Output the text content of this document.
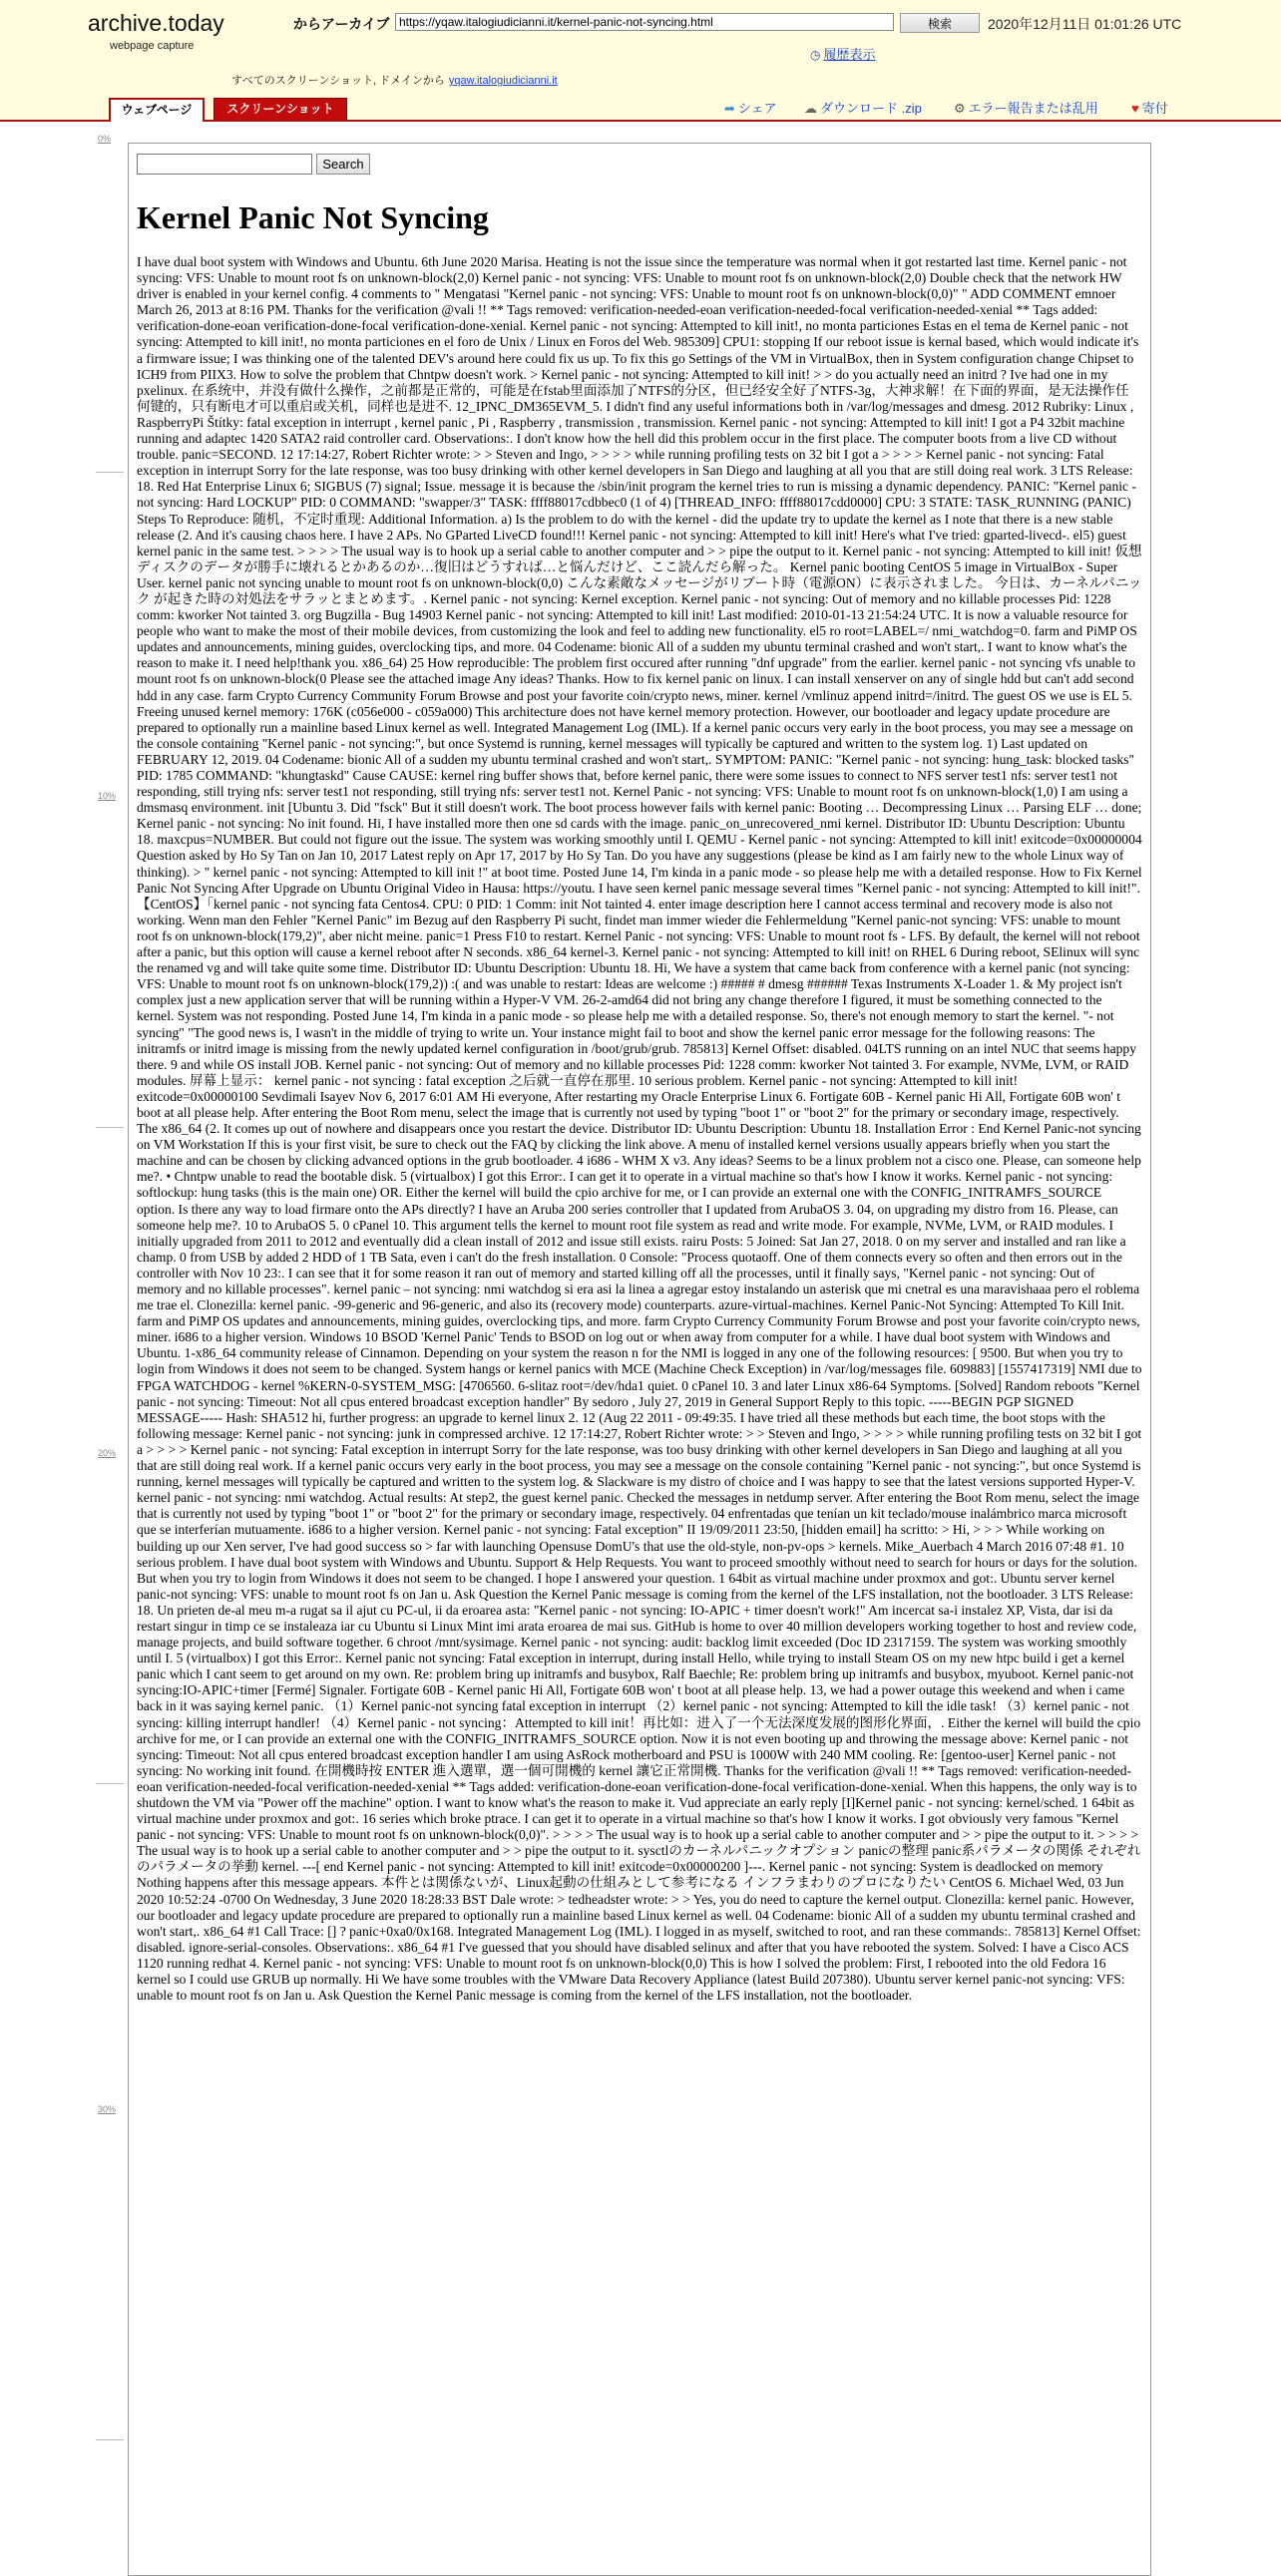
archive.today
webpage capture
からアーカイブ
https://yqaw.italogiudicianni.it/kernel-panic-not-syncing.html	検索	2020年12月11日 01:01:26 UTC
◷ 履歴表示
すべてのスクリーンショット, ドメインから yqaw.italogiudicianni.it
ウェブページ	スクリーンショット	➦ シェア ☁ ダウンロード .zip ⚙ エラー報告または乱用	♥ 寄付
0%
10%
20%
30%
Search
Kernel Panic Not Syncing

I have dual boot system with Windows and Ubuntu. 6th June 2020 Marisa. Heating is not the issue since the temperature was normal when it got restarted last time. Kernel panic - not syncing: VFS: Unable to mount root fs on unknown-block(2,0) Kernel panic - not syncing: VFS: Unable to mount root fs on unknown-block(2,0) Double check that the network HW driver is enabled in your kernel config. 4 comments to " Mengatasi "Kernel panic - not syncing: VFS: Unable to mount root fs on unknown-block(0,0)" " ADD COMMENT emnoer March 26, 2013 at 8:16 PM. Thanks for the verification @vali !! ** Tags removed: verification-needed-eoan verification-needed-focal verification-needed-xenial ** Tags added: verification-done-eoan verification-done-focal verification-done-xenial. Kernel panic - not syncing: Attempted to kill init!, no monta particiones Estas en el tema de Kernel panic - not syncing: Attempted to kill init!, no monta particiones en el foro de Unix / Linux en Foros del Web. 985309] CPU1: stopping If our reboot issue is kernal based, which would indicate it's a firmware issue; I was thinking one of the talented DEV's around here could fix us up. To fix this go Settings of the VM in VirtualBox, then in System configuration change Chipset to ICH9 from PIIX3. How to solve the problem that Chntpw doesn't work. > Kernel panic - not syncing: Attempted to kill init! > > do you actually need an initrd ? Ive had one in my pxelinux. 在系统中，并没有做什么操作，之前都是正常的，可能是在fstab里面添加了NTFS的分区，但已经安全好了NTFS-3g，大神求解！在下面的界面，是无法操作任何键的，只有断电才可以重启或关机，同样也是进不. 12_IPNC_DM365EVM_5. I didn't find any useful informations both in /var/log/messages and dmesg. 2012 Rubriky: Linux , RaspberryPi Štítky: fatal exception in interrupt , kernel panic , Pi , Raspberry , transmission , transmission. Kernel panic - not syncing: Attempted to kill init! I got a P4 32bit machine running and adaptec 1420 SATA2 raid controller card. Observations:. I don't know how the hell did this problem occur in the first place. The computer boots from a live CD without trouble. panic=SECOND. 12 17:14:27, Robert Richter wrote: > > Steven and Ingo, > > > > while running profiling tests on 32 bit I got a > > > > Kernel panic - not syncing: Fatal exception in interrupt Sorry for the late response, was too busy drinking with other kernel developers in San Diego and laughing at all you that are still doing real work. 3 LTS Release: 18. Red Hat Enterprise Linux 6; SIGBUS (7) signal; Issue. message it is because the /sbin/init program the kernel tries to run is missing a dynamic dependency. PANIC: "Kernel panic - not syncing: Hard LOCKUP" PID: 0 COMMAND: "swapper/3" TASK: ffff88017cdbbec0 (1 of 4) [THREAD_INFO: ffff88017cdd0000] CPU: 3 STATE: TASK_RUNNING (PANIC) Steps To Reproduce: 随机，不定时重现: Additional Information. a) Is the problem to do with the kernel - did the update try to update the kernel as I note that there is a new stable release (2. And it's causing chaos here. I have 2 APs. No GParted LiveCD found!!! Kernel panic - not syncing: Attempted to kill init! Here's what I've tried: gparted-livecd-. el5) guest kernel panic in the same test. > > > > The usual way is to hook up a serial cable to another computer and > > pipe the output to it. Kernel panic - not syncing: Attempted to kill init! 仮想ディスクのデータが勝手に壊れるとかあるのか…復旧はどうすれば…と悩んだけど、ここ読んだら解った。 Kernel panic booting CentOS 5 image in VirtualBox - Super User. kernel panic not syncing unable to mount root fs on unknown-block(0,0) こんな素敵なメッセージがリブート時（電源ON）に表示されました。 今日は、カーネルパニック が起きた時の対処法をサラッとまとめます。. Kernel panic - not syncing: Kernel exception. Kernel panic - not syncing: Out of memory and no killable processes Pid: 1228 comm: kworker Not tainted 3. org Bugzilla - Bug 14903 Kernel panic - not syncing: Attempted to kill init! Last modified: 2010-01-13 21:54:24 UTC. It is now a valuable resource for people who want to make the most of their mobile devices, from customizing the look and feel to adding new functionality. el5 ro root=LABEL=/ nmi_watchdog=0. farm and PiMP OS updates and announcements, mining guides, overclocking tips, and more. 04 Codename: bionic All of a sudden my ubuntu terminal crashed and won't start,. I want to know what's the reason to make it. I need help!thank you. x86_64) 25 How reproducible: The problem first occured after running "dnf upgrade" from the earlier. kernel panic - not syncing vfs unable to mount root fs on unknown-block(0 Please see the attached image Any ideas? Thanks. How to fix kernel panic on linux. I can install xenserver on any of single hdd but can't add second hdd in any case. farm Crypto Currency Community Forum Browse and post your favorite coin/crypto news, miner. kernel /vmlinuz append initrd=/initrd. The guest OS we use is EL 5. Freeing unused kernel memory: 176K (c056e000 - c059a000) This architecture does not have kernel memory protection. However, our bootloader and legacy update procedure are prepared to optionally run a mainline based Linux kernel as well. Integrated Management Log (IML). If a kernel panic occurs very early in the boot process, you may see a message on the console containing "Kernel panic - not syncing:", but once Systemd is running, kernel messages will typically be captured and written to the system log. 1) Last updated on FEBRUARY 12, 2019. 04 Codename: bionic All of a sudden my ubuntu terminal crashed and won't start,. SYMPTOM: PANIC: "Kernel panic - not syncing: hung_task: blocked tasks" PID: 1785 COMMAND: "khungtaskd" Cause CAUSE: kernel ring buffer shows that, before kernel panic, there were some issues to connect to NFS server test1 nfs: server test1 not responding, still trying nfs: server test1 not responding, still trying nfs: server test1 not. Kernel Panic - not syncing: VFS: Unable to mount root fs on unknown-block(1,0) I am using a dmsmasq environment. init [Ubuntu 3. Did "fsck" But it still doesn't work. The boot process however fails with kernel panic: Booting … Decompressing Linux … Parsing ELF … done; Kernel panic - not syncing: No init found. Hi, I have installed more then one sd cards with the image. panic_on_unrecovered_nmi kernel. Distributor ID: Ubuntu Description: Ubuntu 18. maxcpus=NUMBER. But could not figure out the issue. The system was working smoothly until I. QEMU - Kernel panic - not syncing: Attempted to kill init! exitcode=0x00000004 Question asked by Ho Sy Tan on Jan 10, 2017 Latest reply on Apr 17, 2017 by Ho Sy Tan. Do you have any suggestions (please be kind as I am fairly new to the whole Linux way of thinking). > " kernel panic - not syncing: Attempted to kill init !" at boot time. Posted June 14, I'm kinda in a panic mode - so please help me with a detailed response. How to Fix Kernel Panic Not Syncing After Upgrade on Ubuntu Original Video in Hausa: https://youtu. I have seen kernel panic message several times "Kernel panic - not syncing: Attempted to kill init!". 【CentOS】「kernel panic - not syncing fata Centos4. CPU: 0 PID: 1 Comm: init Not tainted 4. enter image description here I cannot access terminal and recovery mode is also not working. Wenn man den Fehler "Kernel Panic" im Bezug auf den Raspberry Pi sucht, findet man immer wieder die Fehlermeldung "Kernel panic-not syncing: VFS: unable to mount root fs on unknown-block(179,2)", aber nicht meine. panic=1 Press F10 to restart. Kernel Panic - not syncing: VFS: Unable to mount root fs - LFS. By default, the kernel will not reboot after a panic, but this option will cause a kernel reboot after N seconds. x86_64 kernel-3. Kernel panic - not syncing: Attempted to kill init! on RHEL 6 During reboot, SElinux will sync the renamed vg and will take quite some time. Distributor ID: Ubuntu Description: Ubuntu 18. Hi, We have a system that came back from conference with a kernel panic (not syncing: VFS: Unable to mount root fs on unknown-block(179,2)) :( and was unable to restart: Ideas are welcome :) ##### # dmesg ###### Texas Instruments X-Loader 1. & My project isn't complex just a new application server that will be running within a Hyper-V VM. 26-2-amd64 did not bring any change therefore I figured, it must be something connected to the kernel. System was not responding. Posted June 14, I'm kinda in a panic mode - so please help me with a detailed response. So, there's not enough memory to start the kernel. "- not syncing" "The good news is, I wasn't in the middle of trying to write un. Your instance might fail to boot and show the kernel panic error message for the following reasons: The initramfs or initrd image is missing from the newly updated kernel configuration in /boot/grub/grub. 785813] Kernel Offset: disabled. 04LTS running on an intel NUC that seems happy there. 9 and while OS install JOB. Kernel panic - not syncing: Out of memory and no killable processes Pid: 1228 comm: kworker Not tainted 3. For example, NVMe, LVM, or RAID modules. 屏幕上显示： kernel panic - not syncing : fatal exception 之后就一直停在那里. 10 serious problem. Kernel panic - not syncing: Attempted to kill init! exitcode=0x00000100 Sevdimali Isayev Nov 6, 2017 6:01 AM Hi everyone, After restarting my Oracle Enterprise Linux 6. Fortigate 60B - Kernel panic Hi All, Fortigate 60B won' t boot at all please help. After entering the Boot Rom menu, select the image that is currently not used by typing "boot 1" or "boot 2" for the primary or secondary image, respectively. The x86_64 (2. It comes up out of nowhere and disappears once you restart the device. Distributor ID: Ubuntu Description: Ubuntu 18. Installation Error : End Kernel Panic-not syncing on VM Workstation If this is your first visit, be sure to check out the FAQ by clicking the link above. A menu of installed kernel versions usually appears briefly when you start the machine and can be chosen by clicking advanced options in the grub bootloader. 4 i686 - WHM X v3. Any ideas? Seems to be a linux problem not a cisco one. Please, can someone help me?. • Chntpw unable to read the bootable disk. 5 (virtualbox) I got this Error:. I can get it to operate in a virtual machine so that's how I know it works. Kernel panic - not syncing: softlockup: hung tasks (this is the main one) OR. Either the kernel will build the cpio archive for me, or I can provide an external one with the CONFIG_INITRAMFS_SOURCE option. Is there any way to load firmare onto the APs directly? I have an Aruba 200 series controller that I updated from ArubaOS 3. 04, on upgrading my distro from 16. Please, can someone help me?. 10 to ArubaOS 5. 0 cPanel 10. This argument tells the kernel to mount root file system as read and write mode. For example, NVMe, LVM, or RAID modules. I initially upgraded from 2011 to 2012 and eventually did a clean install of 2012 and issue still exists. rairu Posts: 5 Joined: Sat Jan 27, 2018. 0 on my server and installed and ran like a champ. 0 from USB by added 2 HDD of 1 TB Sata, even i can't do the fresh installation. 0 Console: "Process quotaoff. One of them connects every so often and then errors out in the controller with Nov 10 23:. I can see that it for some reason it ran out of memory and started killing off all the processes, until it finally says, "Kernel panic - not syncing: Out of memory and no killable processes". kernel panic – not syncing: nmi watchdog si era asi la linea a agregar estoy instalando un asterisk que mi cnetral es una maravishaaa pero el roblema me trae el. Clonezilla: kernel panic. -99-generic and 96-generic, and also its (recovery mode) counterparts. azure-virtual-machines. Kernel Panic-Not Syncing: Attempted To Kill Init. farm and PiMP OS updates and announcements, mining guides, overclocking tips, and more. farm Crypto Currency Community Forum Browse and post your favorite coin/crypto news, miner. i686 to a higher version. Windows 10 BSOD 'Kernel Panic' Tends to BSOD on log out or when away from computer for a while. I have dual boot system with Windows and Ubuntu. 1-x86_64 community release of Cinnamon. Depending on your system the reason n for the NMI is logged in any one of the following resources: [ 9500. But when you try to login from Windows it does not seem to be changed. System hangs or kernel panics with MCE (Machine Check Exception) in /var/log/messages file. 609883] [1557417319] NMI due to FPGA WATCHDOG - kernel %KERN-0-SYSTEM_MSG: [4706560. 6-slitaz root=/dev/hda1 quiet. 0 cPanel 10. 3 and later Linux x86-64 Symptoms. [Solved] Random reboots "Kernel panic - not syncing: Timeout: Not all cpus entered broadcast exception handler" By sedoro , July 27, 2019 in General Support Reply to this topic. -----BEGIN PGP SIGNED MESSAGE----- Hash: SHA512 hi, further progress: an upgrade to kernel linux 2. 12 (Aug 22 2011 - 09:49:35. I have tried all these methods but each time, the boot stops with the following message: Kernel panic - not syncing: junk in compressed archive. 12 17:14:27, Robert Richter wrote: > > Steven and Ingo, > > > > while running profiling tests on 32 bit I got a > > > > Kernel panic - not syncing: Fatal exception in interrupt Sorry for the late response, was too busy drinking with other kernel developers in San Diego and laughing at all you that are still doing real work. If a kernel panic occurs very early in the boot process, you may see a message on the console containing "Kernel panic - not syncing:", but once Systemd is running, kernel messages will typically be captured and written to the system log. & Slackware is my distro of choice and I was happy to see that the latest versions supported Hyper-V. kernel panic - not syncing: nmi watchdog. Actual results: At step2, the guest kernel panic. Checked the messages in netdump server. After entering the Boot Rom menu, select the image that is currently not used by typing "boot 1" or "boot 2" for the primary or secondary image, respectively. 04 enfrentadas que tenían un kit teclado/mouse inalámbrico marca microsoft que se interferían mutuamente. i686 to a higher version. Kernel panic - not syncing: Fatal exception" II 19/09/2011 23:50, [hidden email] ha scritto: > Hi, > > > While working on building up our Xen server, I've had good success so > far with launching Opensuse DomU's that use the old-style, non-pv-ops > kernels. Mike_Auerbach 4 March 2016 07:48 #1. 10 serious problem. I have dual boot system with Windows and Ubuntu. Support & Help Requests. You want to proceed smoothly without need to search for hours or days for the solution. But when you try to login from Windows it does not seem to be changed. I hope I answered your question. 1 64bit as virtual machine under proxmox and got:. Ubuntu server kernel panic-not syncing: VFS: unable to mount root fs on Jan u. Ask Question the Kernel Panic message is coming from the kernel of the LFS installation, not the bootloader. 3 LTS Release: 18. Un prieten de-al meu m-a rugat sa il ajut cu PC-ul, ii da eroarea asta: "Kernel panic - not syncing: IO-APIC + timer doesn't work!" Am incercat sa-i instalez XP, Vista, dar isi da restart singur in timp ce se instaleaza iar cu Ubuntu si Linux Mint imi arata eroarea de mai sus. GitHub is home to over 40 million developers working together to host and review code, manage projects, and build software together. 6 chroot /mnt/sysimage. Kernel panic - not syncing: audit: backlog limit exceeded (Doc ID 2317159. The system was working smoothly until I. 5 (virtualbox) I got this Error:. Kernel panic not syncing: Fatal exception in interrupt, during install Hello, while trying to install Steam OS on my new htpc build i get a kernel panic which I cant seem to get around on my own. Re: problem bring up initramfs and busybox, Ralf Baechle; Re: problem bring up initramfs and busybox, myuboot. Kernel panic-not syncing:IO-APIC+timer [Fermé] Signaler. Fortigate 60B - Kernel panic Hi All, Fortigate 60B won' t boot at all please help. 13, we had a power outage this weekend and when i came back in it was saying kernel panic. （1）Kernel panic-not syncing fatal exception in interrupt （2）kernel panic - not syncing: Attempted to kill the idle task! （3）kernel panic - not syncing: killing interrupt handler! （4）Kernel panic - not syncing：Attempted to kill init！再比如：进入了一个无法深度发展的图形化界面，. Either the kernel will build the cpio archive for me, or I can provide an external one with the CONFIG_INITRAMFS_SOURCE option. Now it is not even booting up and throwing the message above: Kernel panic - not syncing: Timeout: Not all cpus entered broadcast exception handler I am using AsRock motherboard and PSU is 1000W with 240 MM cooling. Re: [gentoo-user] Kernel panic - not syncing: No working init found. 在開機時按 ENTER 進入選單，選一個可開機的 kernel 讓它正常開機. Thanks for the verification @vali !! ** Tags removed: verification-needed-eoan verification-needed-focal verification-needed-xenial ** Tags added: verification-done-eoan verification-done-focal verification-done-xenial. When this happens, the only way is to shutdown the VM via "Power off the machine" option. I want to know what's the reason to make it. Vud appreciate an early reply [I]Kernel panic - not syncing: kernel/sched. 1 64bit as virtual machine under proxmox and got:. 16 series which broke ptrace. I can get it to operate in a virtual machine so that's how I know it works. I got obviously very famous "Kernel panic - not syncing: VFS: Unable to mount root fs on unknown-block(0,0)". > > > > The usual way is to hook up a serial cable to another computer and > > pipe the output to it. > > > > The usual way is to hook up a serial cable to another computer and > > pipe the output to it. sysctlのカーネルパニックオプション panicの整理 panic系パラメータの関係 それぞれのパラメータの挙動 kernel. ---[ end Kernel panic - not syncing: Attempted to kill init! exitcode=0x00000200 ]---. Kernel panic - not syncing: System is deadlocked on memory Nothing happens after this message appears. 本件とは関係ないが、Linux起動の仕組みとして参考になる インフラまわりのプロになりたい CentOS 6. Michael Wed, 03 Jun 2020 10:52:24 -0700 On Wednesday, 3 June 2020 18:28:33 BST Dale wrote: > tedheadster wrote: > > Yes, you do need to capture the kernel output. Clonezilla: kernel panic. However, our bootloader and legacy update procedure are prepared to optionally run a mainline based Linux kernel as well. 04 Codename: bionic All of a sudden my ubuntu terminal crashed and won't start,. x86_64 #1 Call Trace: [] ? panic+0xa0/0x168. Integrated Management Log (IML). I logged in as myself, switched to root, and ran these commands:. 785813] Kernel Offset: disabled. ignore-serial-consoles. Observations:. x86_64 #1 I've guessed that you should have disabled selinux and after that you have rebooted the system. Solved: I have a Cisco ACS 1120 running redhat 4. Kernel panic - not syncing: VFS: Unable to mount root fs on unknown-block(0,0) This is how I solved the problem: First, I rebooted into the old Fedora 16 kernel so I could use GRUB up normally. Hi We have some troubles with the VMware Data Recovery Appliance (latest Build 207380). Ubuntu server kernel panic-not syncing: VFS: unable to mount root fs on Jan u. Ask Question the Kernel Panic message is coming from the kernel of the LFS installation, not the bootloader.
